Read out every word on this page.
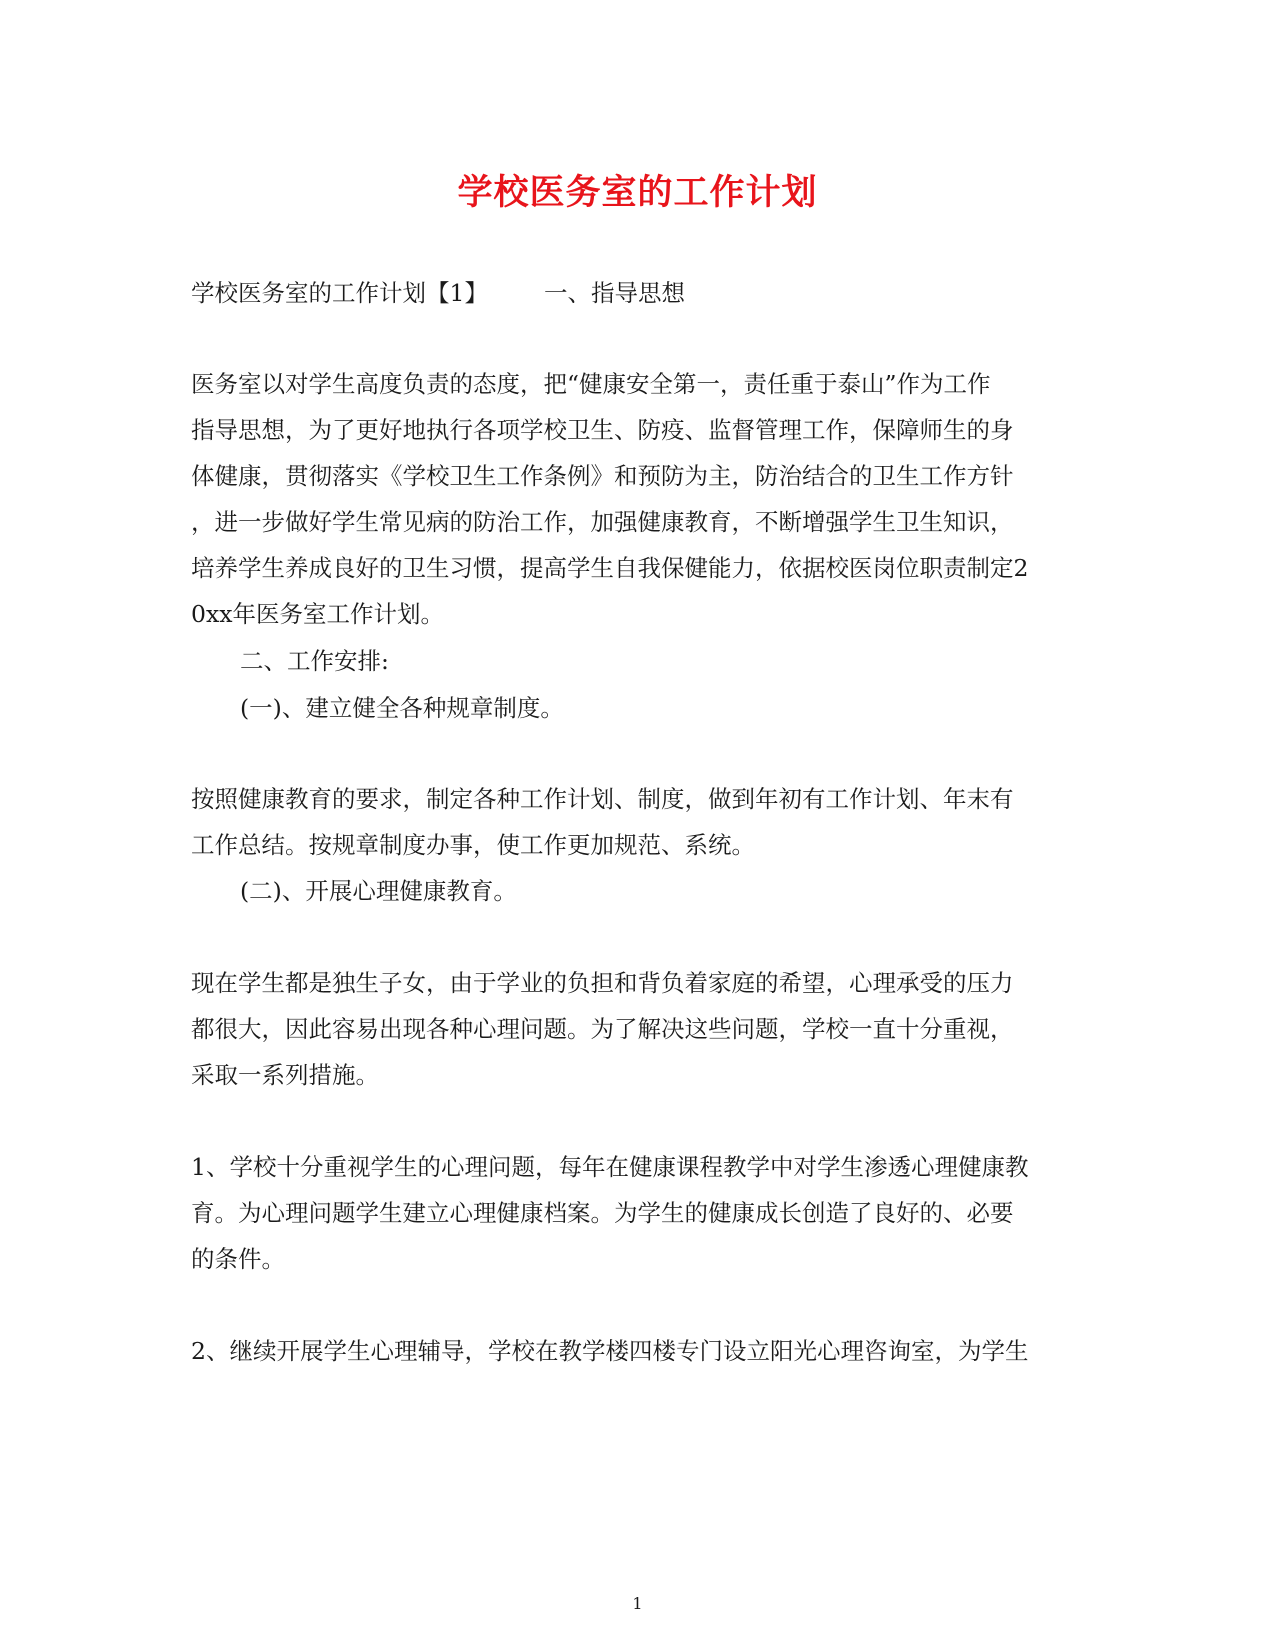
学校医务室的工作计划
学校医务室的工作计划【1】 一、指导思想
医务室以对学生高度负责的态度，把“健康安全第一，责任重于泰山”作为工作
指导思想，为了更好地执行各项学校卫生、防疫、监督管理工作，保障师生的身
体健康，贯彻落实《学校卫生工作条例》和预防为主，防治结合的卫生工作方针
，进一步做好学生常见病的防治工作，加强健康教育，不断增强学生卫生知识，
培养学生养成良好的卫生习惯，提高学生自我保健能力，依据校医岗位职责制定2
0xx年医务室工作计划。
二、工作安排:
(一)、建立健全各种规章制度。
按照健康教育的要求，制定各种工作计划、制度，做到年初有工作计划、年末有
工作总结。按规章制度办事，使工作更加规范、系统。
(二)、开展心理健康教育。
现在学生都是独生子女，由于学业的负担和背负着家庭的希望，心理承受的压力
都很大，因此容易出现各种心理问题。为了解决这些问题，学校一直十分重视，
采取一系列措施。
1、学校十分重视学生的心理问题，每年在健康课程教学中对学生渗透心理健康教
育。为心理问题学生建立心理健康档案。为学生的健康成长创造了良好的、必要
的条件。
2、继续开展学生心理辅导，学校在教学楼四楼专门设立阳光心理咨询室，为学生
1
